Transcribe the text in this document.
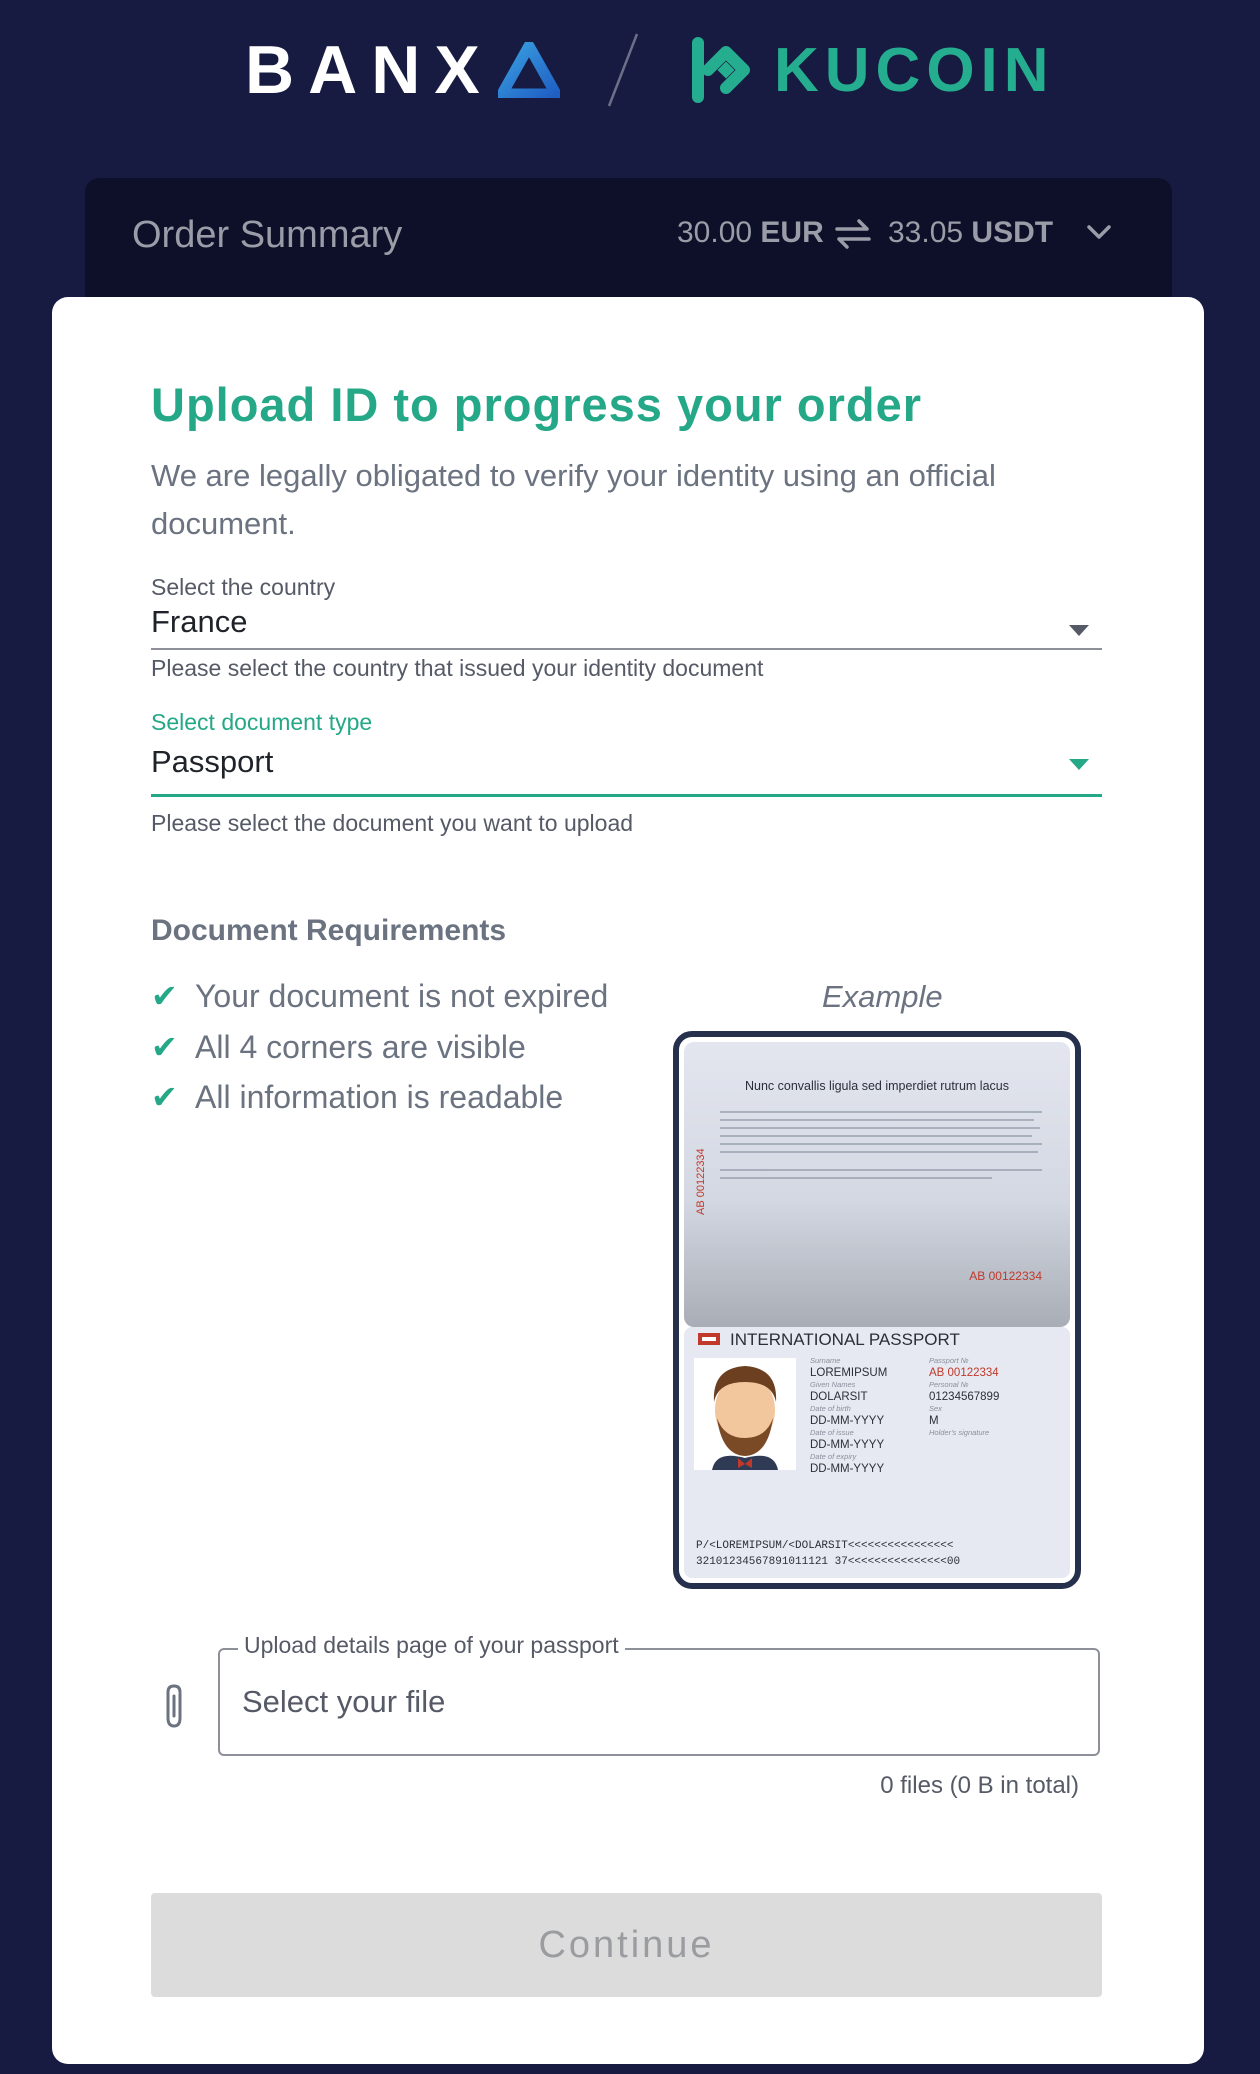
BANX	KUCOIN
Order Summary	30.00 EUR 33.05 USDT
Upload ID to progress your order
We are legally obligated to verify your identity using an official document.
Select the country
France
Please select the country that issued your identity document
Select document type
Passport
Please select the document you want to upload
Document Requirements
✔ Your document is not expired
✔ All 4 corners are visible
✔ All information is readable
Example
Nunc convallis ligula sed imperdiet rutrum lacus
AB 00122334
AB 00122334
INTERNATIONAL PASSPORT
Surname
LOREMIPSUM
Given Names
DOLARSIT
Date of birth
DD-MM-YYYY
Date of issue
DD-MM-YYYY
Date of expiry
DD-MM-YYYY
Passport №
AB 00122334
Personal №
01234567899
Sex
M
Holder's signature
P/<LOREMIPSUM/<DOLARSIT<<<<<<<<<<<<<<<<
32101234567891011121 37<<<<<<<<<<<<<<<00
Upload details page of your passport
Select your file
0 files (0 B in total)
Continue
